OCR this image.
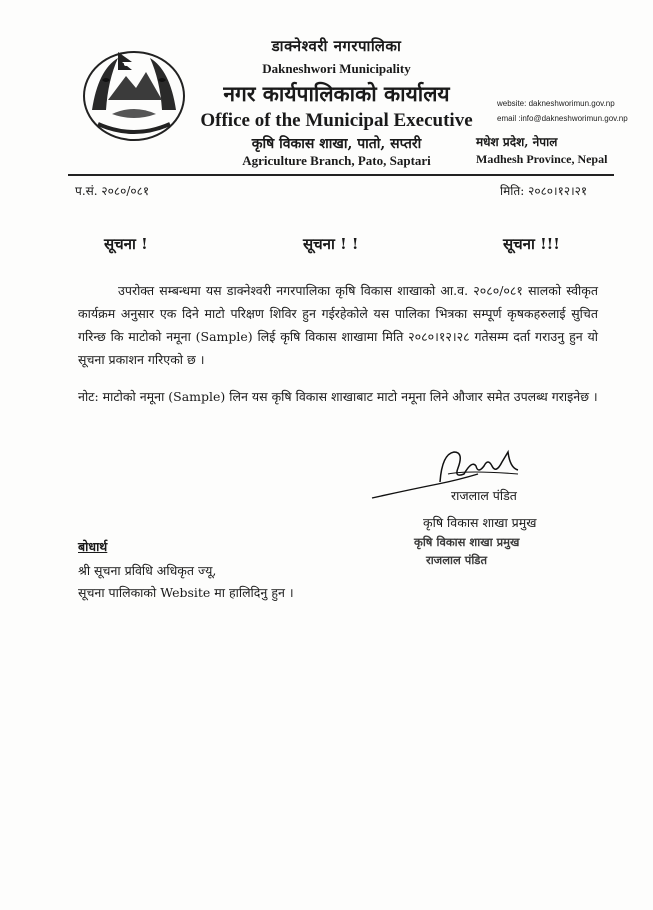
डाक्नेश्वरी नगरपालिका
Dakneshwori Municipality
नगर कार्यपालिकाको कार्यालय
Office of the Municipal Executive
कृषि विकास शाखा, पातो, सप्तरी
Agriculture Branch, Pato, Saptari
website: dakneshworimun.gov.np
email :info@dakneshworimun.gov.np
मधेश प्रदेश, नेपाल
Madhesh Province, Nepal
प.सं. २०८०/०८१	मिति: २०८०।१२।२१
सूचना !	सूचना ! !	सूचना !!!
उपरोक्त सम्बन्धमा यस डाक्नेश्वरी नगरपालिका कृषि विकास शाखाको आ.व. २०८०/०८१ सालको स्वीकृत कार्यक्रम अनुसार एक दिने माटो परिक्षण शिविर हुन गईरहेकोले यस पालिका भित्रका सम्पूर्ण कृषकहरुलाई सुचित गरिन्छ कि माटोको नमूना (Sample) लिई कृषि विकास शाखामा मिति २०८०।१२।२८ गतेसम्म दर्ता गराउनु हुन यो सूचना प्रकाशन गरिएको छ ।
नोट: माटोको नमूना (Sample) लिन यस कृषि विकास शाखाबाट माटो नमूना लिने औजार समेत उपलब्ध गराइनेछ ।
राजलाल पंडित
कृषि विकास शाखा प्रमुख
कृषि विकास शाखा प्रमुख
राजलाल पंडित
बोधार्थ
श्री सूचना प्रविधि अधिकृत ज्यू,
सूचना पालिकाको Website मा हालिदिनु हुन ।
